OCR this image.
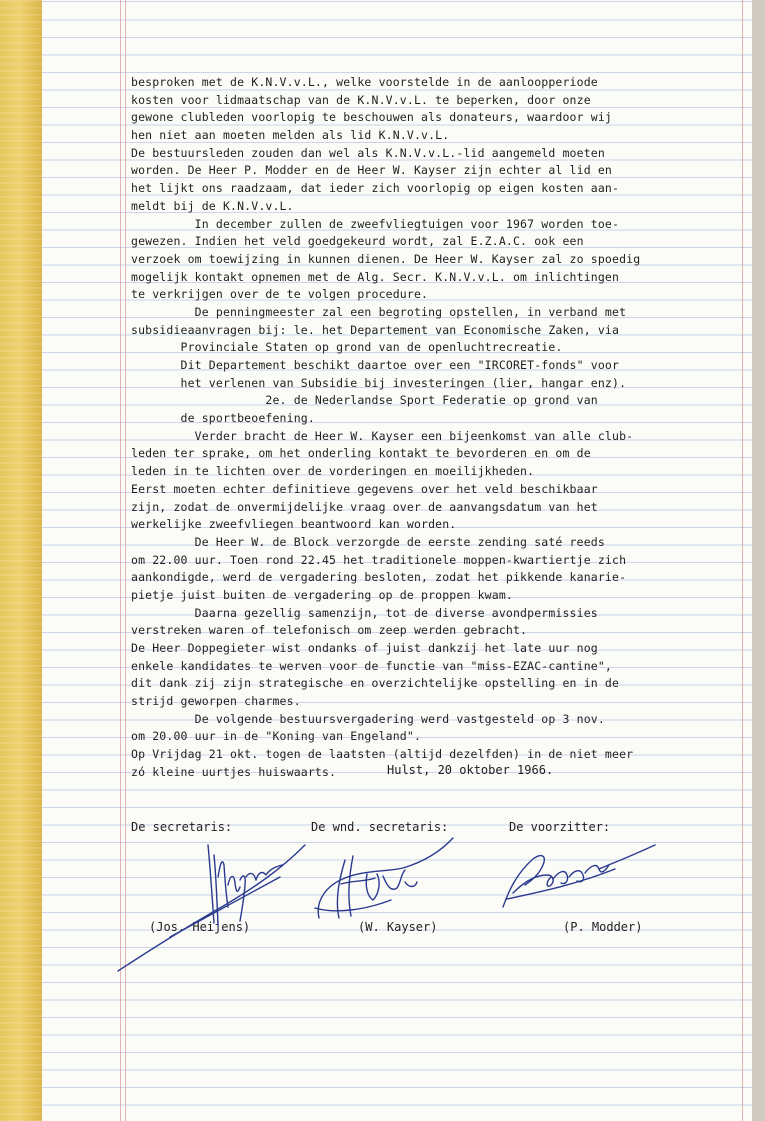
besproken met de K.N.V.v.L., welke voorstelde in de aanloopperiode
kosten voor lidmaatschap van de K.N.V.v.L. te beperken, door onze
gewone clubleden voorlopig te beschouwen als donateurs, waardoor wij
hen niet aan moeten melden als lid K.N.V.v.L.
De bestuursleden zouden dan wel als K.N.V.v.L.-lid aangemeld moeten
worden. De Heer P. Modder en de Heer W. Kayser zijn echter al lid en
het lijkt ons raadzaam, dat ieder zich voorlopig op eigen kosten aan-
meldt bij de K.N.V.v.L.
In december zullen de zweefvliegtuigen voor 1967 worden toe-
gewezen. Indien het veld goedgekeurd wordt, zal E.Z.A.C. ook een
verzoek om toewijzing in kunnen dienen. De Heer W. Kayser zal zo spoedig
mogelijk kontakt opnemen met de Alg. Secr. K.N.V.v.L. om inlichtingen
te verkrijgen over de te volgen procedure.
De penningmeester zal een begroting opstellen, in verband met
subsidieaanvragen bij: le. het Departement van Economische Zaken, via
Provinciale Staten op grond van de openluchtrecreatie.
Dit Departement beschikt daartoe over een "IRCORET-fonds" voor
het verlenen van Subsidie bij investeringen (lier, hangar enz).
2e. de Nederlandse Sport Federatie op grond van
de sportbeoefening.
Verder bracht de Heer W. Kayser een bijeenkomst van alle club-
leden ter sprake, om het onderling kontakt te bevorderen en om de
leden in te lichten over de vorderingen en moeilijkheden.
Eerst moeten echter definitieve gegevens over het veld beschikbaar
zijn, zodat de onvermijdelijke vraag over de aanvangsdatum van het
werkelijke zweefvliegen beantwoord kan worden.
De Heer W. de Block verzorgde de eerste zending saté reeds
om 22.00 uur. Toen rond 22.45 het traditionele moppen-kwartiertje zich
aankondigde, werd de vergadering besloten, zodat het pikkende kanarie-
pietje juist buiten de vergadering op de proppen kwam.
Daarna gezellig samenzijn, tot de diverse avondpermissies
verstreken waren of telefonisch om zeep werden gebracht.
De Heer Doppegieter wist ondanks of juist dankzij het late uur nog
enkele kandidates te werven voor de functie van "miss-EZAC-cantine",
dit dank zij zijn strategische en overzichtelijke opstelling en in de
strijd geworpen charmes.
De volgende bestuursvergadering werd vastgesteld op 3 nov.
om 20.00 uur in de "Koning van Engeland".
Op Vrijdag 21 okt. togen de laatsten (altijd dezelfden) in de niet meer
zó kleine uurtjes huiswaarts.	Hulst, 20 oktober 1966.
De secretaris:	De wnd. secretaris:	De voorzitter:
(Jos. Heijens)	(W. Kayser)	(P. Modder)
